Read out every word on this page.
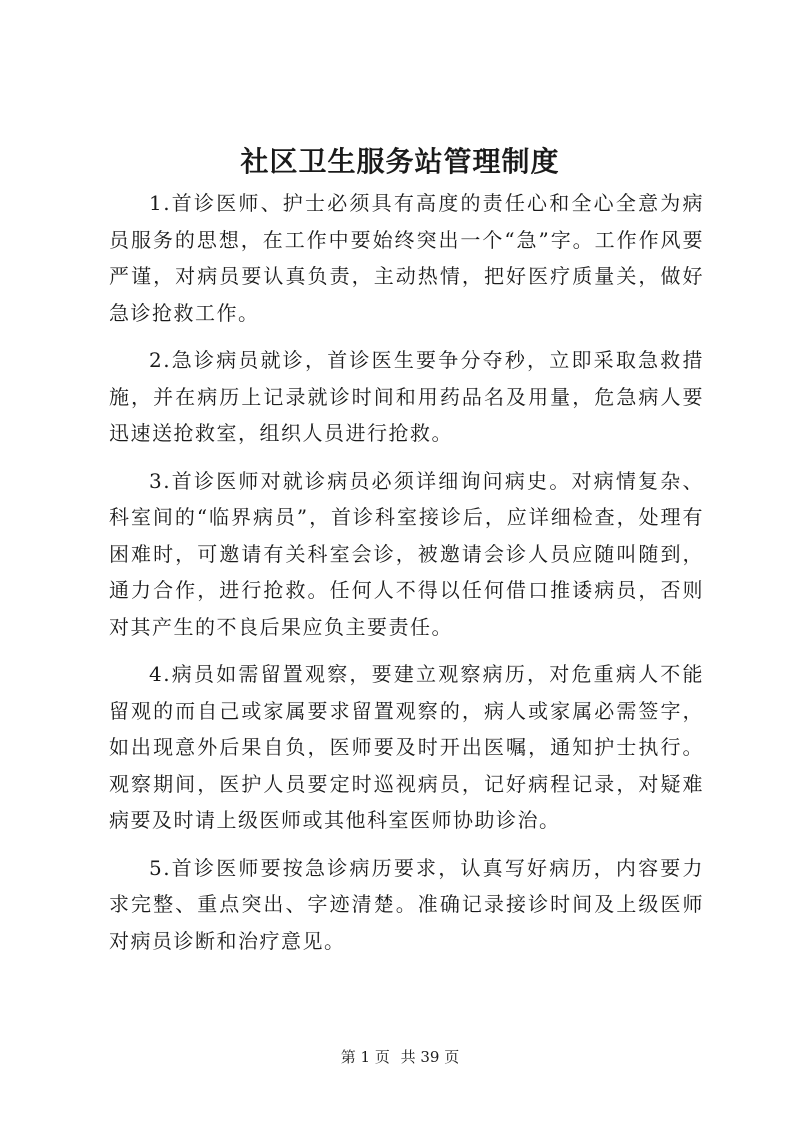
社区卫生服务站管理制度

1.首诊医师、护士必须具有高度的责任心和全心全意为病员服务的思想，在工作中要始终突出一个“急”字。工作作风要严谨，对病员要认真负责，主动热情，把好医疗质量关，做好急诊抢救工作。

2.急诊病员就诊，首诊医生要争分夺秒，立即采取急救措施，并在病历上记录就诊时间和用药品名及用量，危急病人要迅速送抢救室，组织人员进行抢救。

3.首诊医师对就诊病员必须详细询问病史。对病情复杂、科室间的“临界病员”，首诊科室接诊后，应详细检查，处理有困难时，可邀请有关科室会诊，被邀请会诊人员应随叫随到，通力合作，进行抢救。任何人不得以任何借口推诿病员，否则对其产生的不良后果应负主要责任。

4.病员如需留置观察，要建立观察病历，对危重病人不能留观的而自己或家属要求留置观察的，病人或家属必需签字，如出现意外后果自负，医师要及时开出医嘱，通知护士执行。观察期间，医护人员要定时巡视病员，记好病程记录，对疑难病要及时请上级医师或其他科室医师协助诊治。

5.首诊医师要按急诊病历要求，认真写好病历，内容要力求完整、重点突出、字迹清楚。准确记录接诊时间及上级医师对病员诊断和治疗意见。

第 1 页 共 39 页
